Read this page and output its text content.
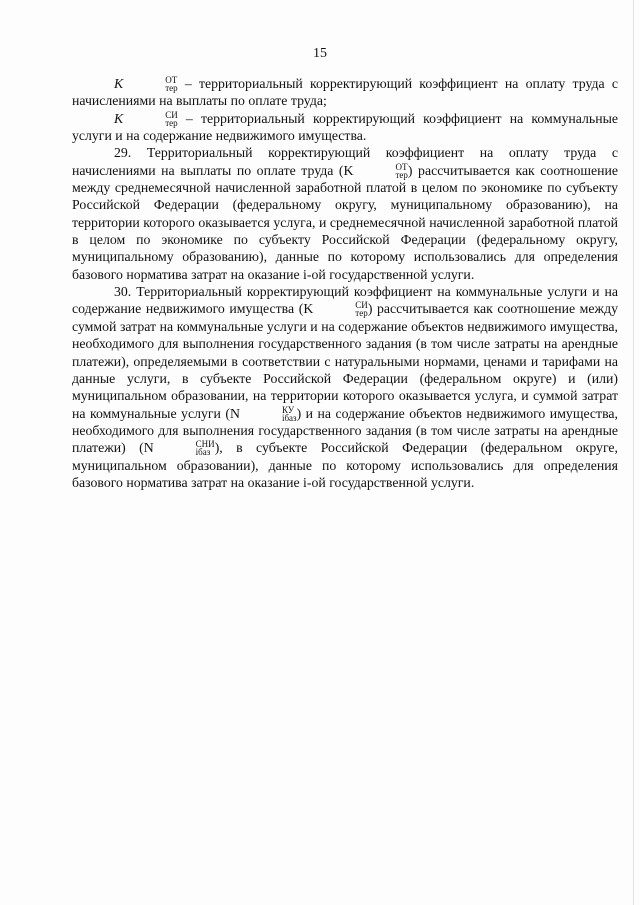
15

K	ОТ
тер – территориальный корректирующий коэффициент на оплату труда с начислениями на выплаты по оплате труда;

K	СИ
тер – территориальный корректирующий коэффициент на коммунальные услуги и на содержание недвижимого имущества.

29. Территориальный корректирующий коэффициент на оплату труда с начислениями на выплаты по оплате труда (K	ОТ
тер ) рассчитывается как соотношение между среднемесячной начисленной заработной платой в целом по экономике по субъекту Российской Федерации (федеральному округу, муниципальному образованию), на территории которого оказывается услуга, и среднемесячной начисленной заработной платой в целом по экономике по субъекту Российской Федерации (федеральному округу, муниципальному образованию), данные по которому использовались для определения базового норматива затрат на оказание i-ой государственной услуги.

30. Территориальный корректирующий коэффициент на коммунальные услуги и на содержание недвижимого имущества (K	СИ
тер ) рассчитывается как соотношение между суммой затрат на коммунальные услуги и на содержание объектов недвижимого имущества, необходимого для выполнения государственного задания (в том числе затраты на арендные платежи), определяемыми в соответствии с натуральными нормами, ценами и тарифами на данные услуги, в субъекте Российской Федерации (федеральном округе) и (или) муниципальном образовании, на территории которого оказывается услуга, и суммой затрат на коммунальные услуги (N	КУ
iбаз ) и на содержание объектов недвижимого имущества, необходимого для выполнения государственного задания (в том числе затраты на арендные платежи) (N	СНИ
iбаз ), в субъекте Российской Федерации (федеральном округе, муниципальном образовании), данные по которому использовались для определения базового норматива затрат на оказание i-ой государственной услуги.
